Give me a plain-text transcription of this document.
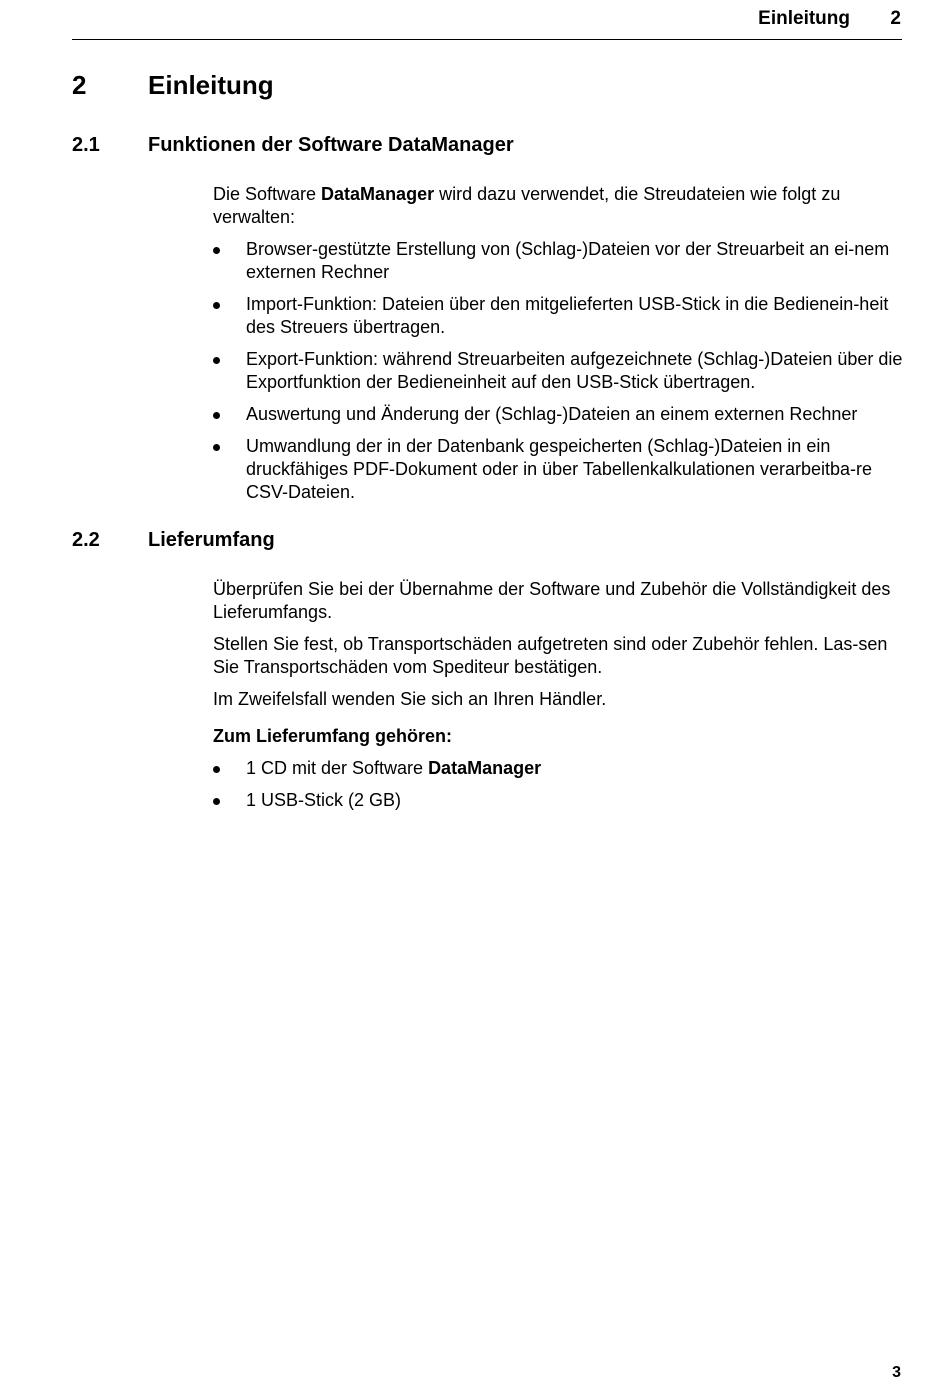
Einleitung 2
2 Einleitung
2.1 Funktionen der Software DataManager

Die Software DataManager wird dazu verwendet, die Streudateien wie folgt zu verwalten:

Browser-gestützte Erstellung von (Schlag-)Dateien vor der Streuarbeit an ei-nem externen Rechner
Import-Funktion: Dateien über den mitgelieferten USB-Stick in die Bedienein-heit des Streuers übertragen.
Export-Funktion: während Streuarbeiten aufgezeichnete (Schlag-)Dateien über die Exportfunktion der Bedieneinheit auf den USB-Stick übertragen.
Auswertung und Änderung der (Schlag-)Dateien an einem externen Rechner
Umwandlung der in der Datenbank gespeicherten (Schlag-)Dateien in ein druckfähiges PDF-Dokument oder in über Tabellenkalkulationen verarbeitba-re CSV-Dateien.
2.2 Lieferumfang

Überprüfen Sie bei der Übernahme der Software und Zubehör die Vollständigkeit des Lieferumfangs.

Stellen Sie fest, ob Transportschäden aufgetreten sind oder Zubehör fehlen. Las-sen Sie Transportschäden vom Spediteur bestätigen.

Im Zweifelsfall wenden Sie sich an Ihren Händler.

Zum Lieferumfang gehören:

1 CD mit der Software DataManager
1 USB-Stick (2 GB)
3
